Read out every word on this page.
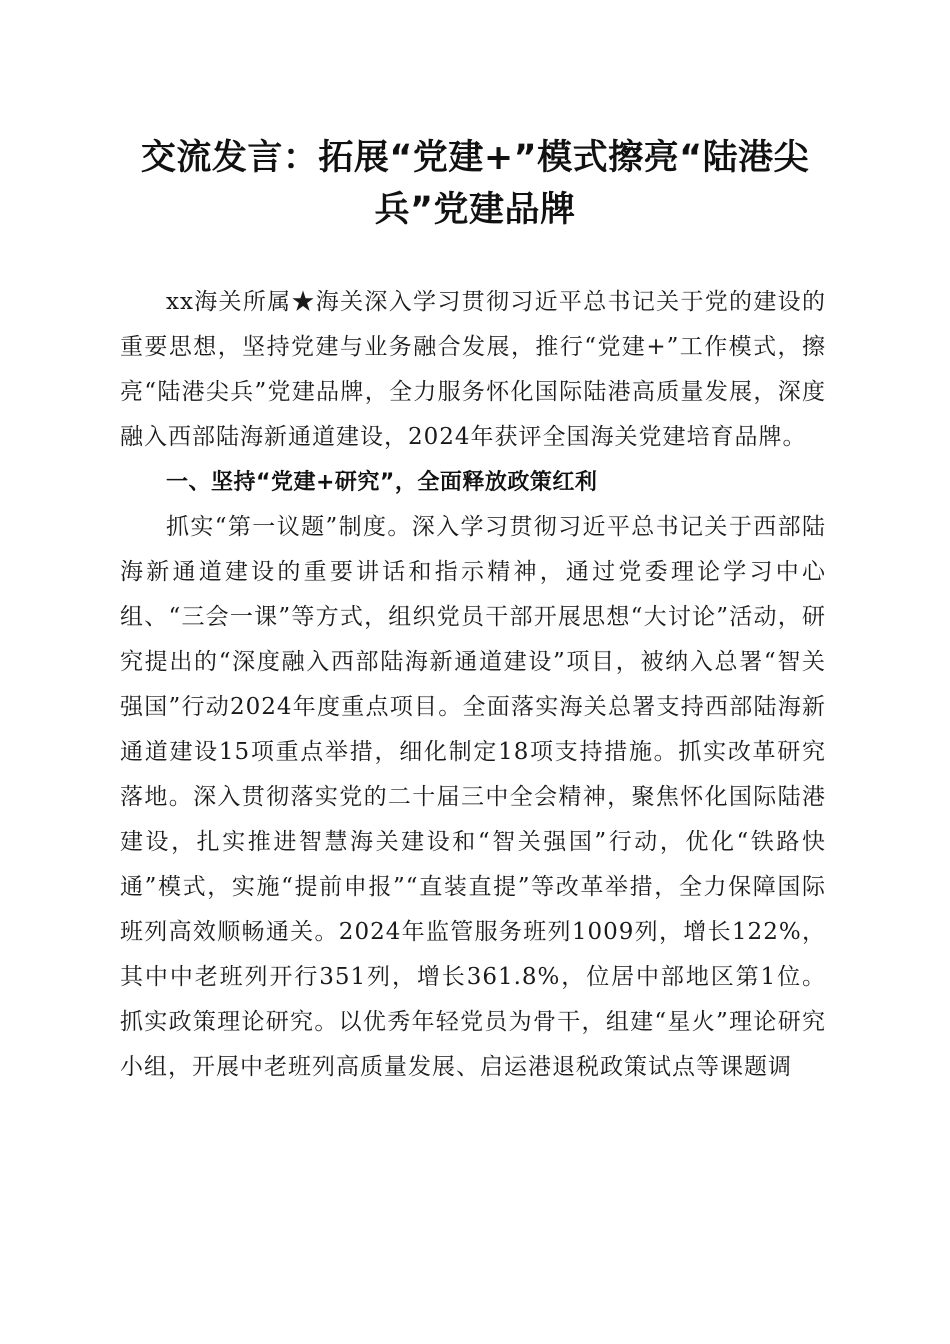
交流发言：拓展“党建+”模式擦亮“陆港尖兵”党建品牌

xx海关所属★海关深入学习贯彻习近平总书记关于党的建设的重要思想，坚持党建与业务融合发展，推行“党建+”工作模式，擦亮“陆港尖兵”党建品牌，全力服务怀化国际陆港高质量发展，深度融入西部陆海新通道建设，2024年获评全国海关党建培育品牌。

一、坚持“党建+研究”，全面释放政策红利

抓实“第一议题”制度。深入学习贯彻习近平总书记关于西部陆海新通道建设的重要讲话和指示精神，通过党委理论学习中心组、“三会一课”等方式，组织党员干部开展思想“大讨论”活动，研究提出的“深度融入西部陆海新通道建设”项目，被纳入总署“智关强国”行动2024年度重点项目。全面落实海关总署支持西部陆海新通道建设15项重点举措，细化制定18项支持措施。抓实改革研究落地。深入贯彻落实党的二十届三中全会精神，聚焦怀化国际陆港建设，扎实推进智慧海关建设和“智关强国”行动，优化“铁路快通”模式，实施“提前申报”“直装直提”等改革举措，全力保障国际班列高效顺畅通关。2024年监管服务班列1009列，增长122%，其中中老班列开行351列，增长361.8%，位居中部地区第1位。抓实政策理论研究。以优秀年轻党员为骨干，组建“星火”理论研究小组，开展中老班列高质量发展、启运港退税政策试点等课题调
